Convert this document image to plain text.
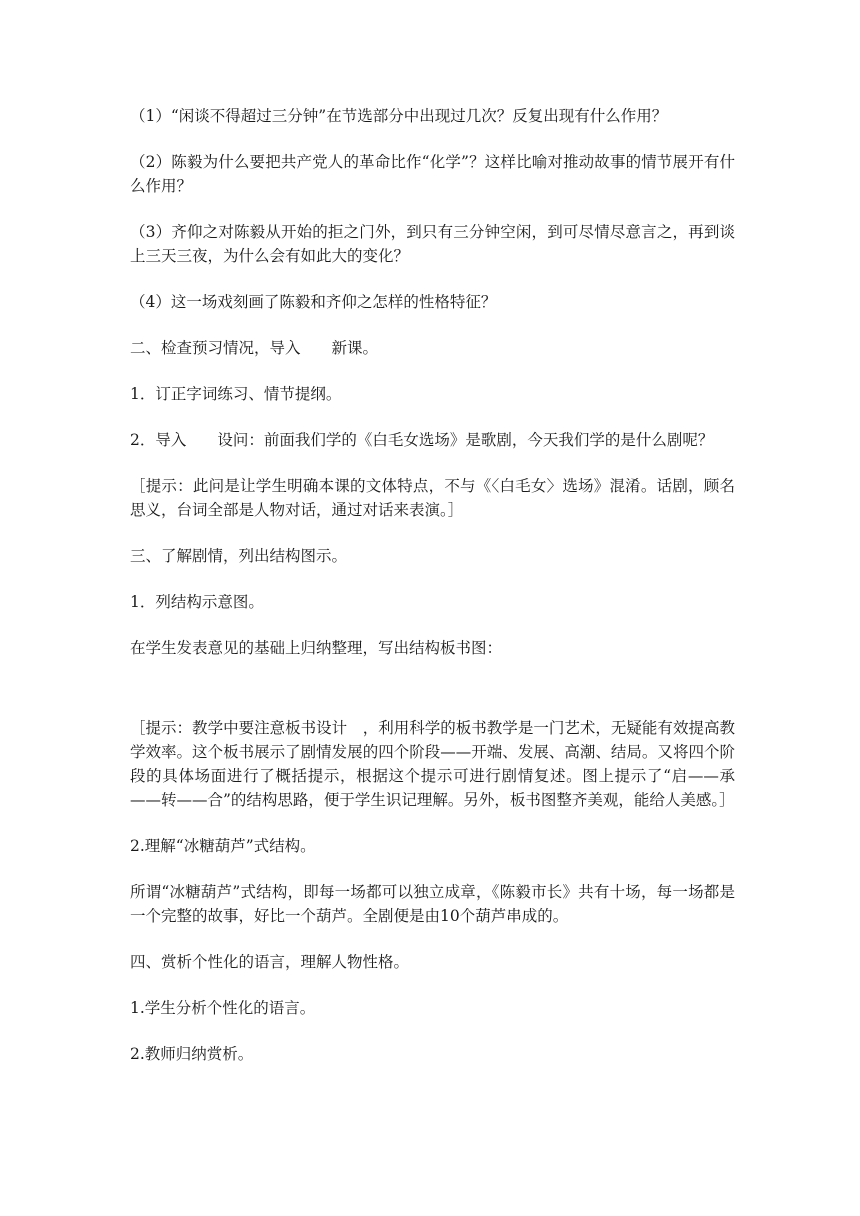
（1）“闲谈不得超过三分钟”在节选部分中出现过几次？反复出现有什么作用？

（2）陈毅为什么要把共产党人的革命比作“化学”？这样比喻对推动故事的情节展开有什么作用？

（3）齐仰之对陈毅从开始的拒之门外，到只有三分钟空闲，到可尽情尽意言之，再到谈上三天三夜，为什么会有如此大的变化？

（4）这一场戏刻画了陈毅和齐仰之怎样的性格特征？

二、检查预习情况，导入　　新课。

1．订正字词练习、情节提纲。

2．导入　　设问：前面我们学的《白毛女选场》是歌剧，今天我们学的是什么剧呢？

［提示：此问是让学生明确本课的文体特点，不与《〈白毛女〉选场》混淆。话剧，顾名思义，台词全部是人物对话，通过对话来表演。］

三、了解剧情，列出结构图示。

1．列结构示意图。

在学生发表意见的基础上归纳整理，写出结构板书图：

［提示：教学中要注意板书设计　，利用科学的板书教学是一门艺术，无疑能有效提高教学效率。这个板书展示了剧情发展的四个阶段——开端、发展、高潮、结局。又将四个阶段的具体场面进行了概括提示，根据这个提示可进行剧情复述。图上提示了“启——承——转——合”的结构思路，便于学生识记理解。另外，板书图整齐美观，能给人美感。］

2.理解“冰糖葫芦”式结构。

所谓“冰糖葫芦”式结构，即每一场都可以独立成章，《陈毅市长》共有十场，每一场都是一个完整的故事，好比一个葫芦。全剧便是由10个葫芦串成的。

四、赏析个性化的语言，理解人物性格。

1.学生分析个性化的语言。

2.教师归纳赏析。
